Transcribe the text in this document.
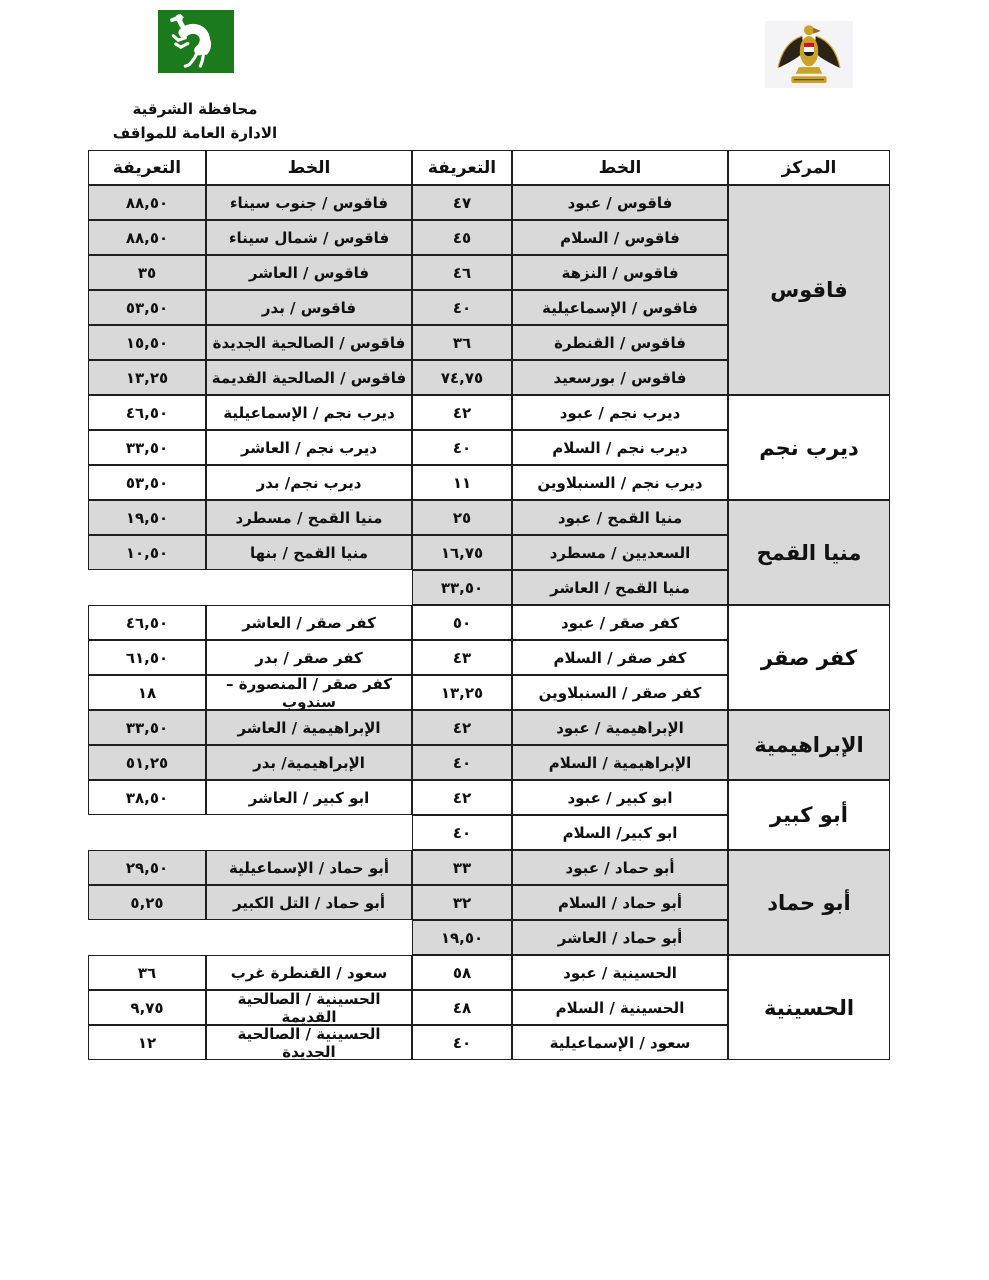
محافظة الشرقية
الادارة العامة للمواقف
التعريفة	الخط	التعريفة	الخط	المركز
فاقوس
٨٨,٥٠	فاقوس / جنوب سيناء	٤٧	فاقوس / عبود
٨٨,٥٠	فاقوس / شمال سيناء	٤٥	فاقوس / السلام
٣٥	فاقوس / العاشر	٤٦	فاقوس / النزهة
٥٣,٥٠	فاقوس / بدر	٤٠	فاقوس / الإسماعيلية
١٥,٥٠	فاقوس / الصالحية الجديدة	٣٦	فاقوس / القنطرة
١٣,٢٥	فاقوس / الصالحية القديمة	٧٤,٧٥	فاقوس / بورسعيد
ديرب نجم
٤٦,٥٠	ديرب نجم / الإسماعيلية	٤٢	ديرب نجم / عبود
٣٣,٥٠	ديرب نجم / العاشر	٤٠	ديرب نجم / السلام
٥٣,٥٠	ديرب نجم/ بدر	١١	ديرب نجم / السنبلاوين
منيا القمح
١٩,٥٠	منيا القمح / مسطرد	٢٥	منيا القمح / عبود
١٠,٥٠	منيا القمح / بنها	١٦,٧٥	السعديين / مسطرد
٣٣,٥٠	منيا القمح / العاشر
كفر صقر
٤٦,٥٠	كفر صقر / العاشر	٥٠	كفر صقر / عبود
٦١,٥٠	كفر صقر / بدر	٤٣	كفر صقر / السلام
١٨	كفر صقر / المنصورة – سندوب	١٣,٢٥	كفر صقر / السنبلاوين
الإبراهيمية
٣٣,٥٠	الإبراهيمية / العاشر	٤٢	الإبراهيمية / عبود
٥١,٢٥	الإبراهيمية/ بدر	٤٠	الإبراهيمية / السلام
أبو كبير
٣٨,٥٠	ابو كبير / العاشر	٤٢	ابو كبير / عبود
٤٠	ابو كبير/ السلام
أبو حماد
٢٩,٥٠	أبو حماد / الإسماعيلية	٣٣	أبو حماد / عبود
٥,٢٥	أبو حماد / التل الكبير	٣٢	أبو حماد / السلام
١٩,٥٠	أبو حماد / العاشر
الحسينية
٣٦	سعود / القنطرة غرب	٥٨	الحسينية / عبود
٩,٧٥	الحسينية / الصالحية القديمة	٤٨	الحسينية / السلام
١٢	الحسينية / الصالحية الجديدة	٤٠	سعود / الإسماعيلية
